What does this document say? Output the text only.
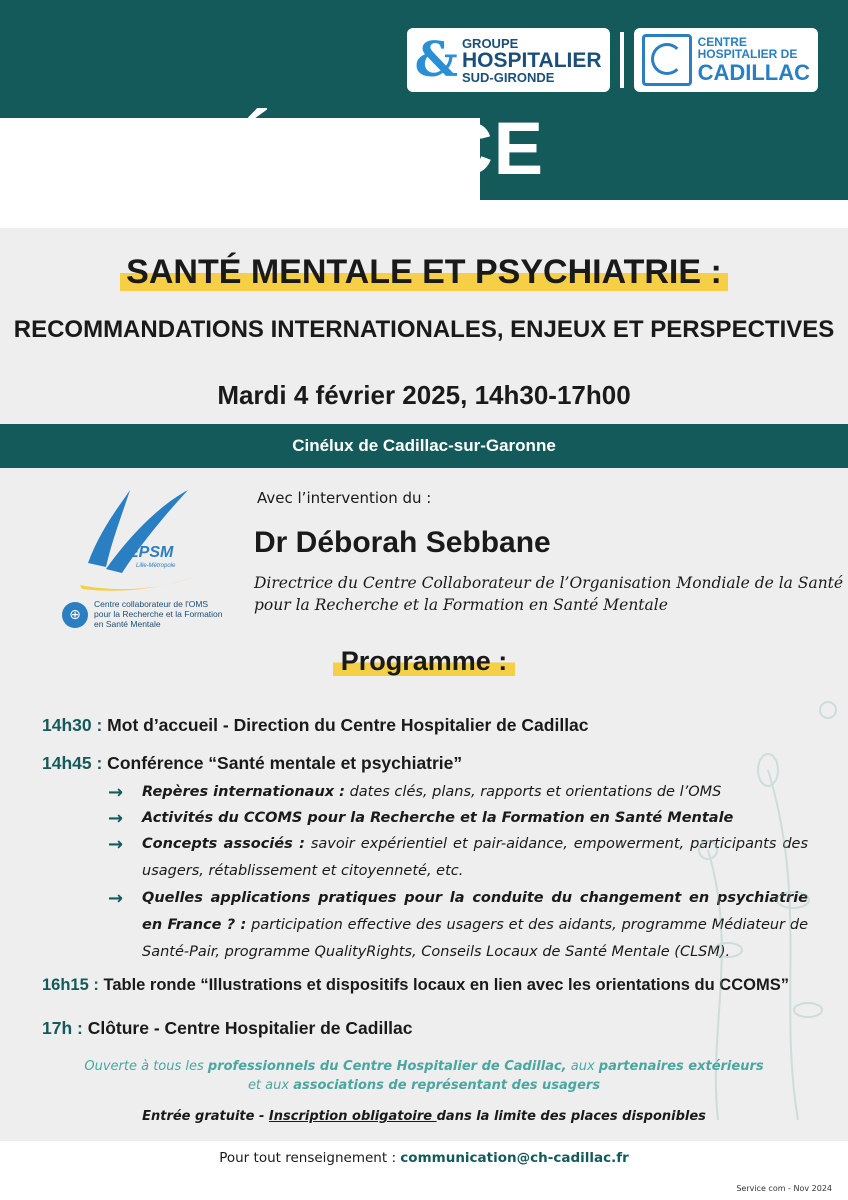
CONFÉRENCE
& GROUPE
HOSPITALIER
SUD-GIRONDE
CENTRE
HOSPITALIER DE
CADILLAC
SANTÉ MENTALE ET PSYCHIATRIE :
RECOMMANDATIONS INTERNATIONALES, ENJEUX ET PERSPECTIVES

Mardi 4 février 2025, 14h30-17h00

Cinélux de Cadillac-sur-Garonne
EPSM
Lille-Métropole
⊕
Centre collaborateur de l'OMS
pour la Recherche et la Formation
en Santé Mentale

Avec l’intervention du :

Dr Déborah Sebbane

Directrice du Centre Collaborateur de l’Organisation Mondiale de la Santé
pour la Recherche et la Formation en Santé Mentale
Programme :

14h30 : Mot d’accueil - Direction du Centre Hospitalier de Cadillac

14h45 : Conférence “Santé mentale et psychiatrie”

→ Repères internationaux : dates clés, plans, rapports et orientations de l’OMS
→ Activités du CCOMS pour la Recherche et la Formation en Santé Mentale
→ Concepts associés : savoir expérientiel et pair-aidance, empowerment, participants des usagers, rétablissement et citoyenneté, etc.
→ Quelles applications pratiques pour la conduite du changement en psychiatrie en France ? : participation effective des usagers et des aidants, programme Médiateur de Santé-Pair, programme QualityRights, Conseils Locaux de Santé Mentale (CLSM).

16h15 : Table ronde “Illustrations et dispositifs locaux en lien avec les orientations du CCOMS”

17h : Clôture - Centre Hospitalier de Cadillac

Ouverte à tous les professionnels du Centre Hospitalier de Cadillac, aux partenaires extérieurs
et aux associations de représentant des usagers

Entrée gratuite - Inscription obligatoire dans la limite des places disponibles

Pour tout renseignement : communication@ch-cadillac.fr

Service com - Nov 2024
